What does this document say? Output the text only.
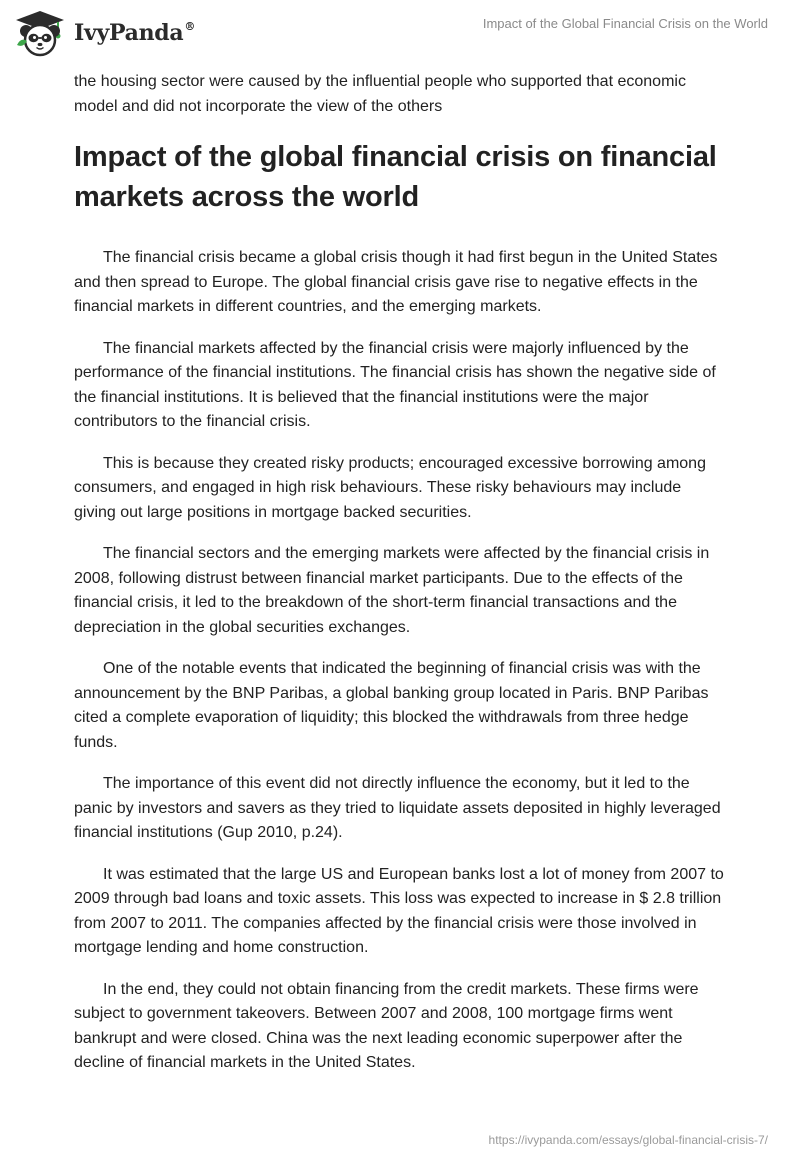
IvyPanda®	Impact of the Global Financial Crisis on the World

the housing sector were caused by the influential people who supported that economic model and did not incorporate the view of the others

Impact of the global financial crisis on financial markets across the world

The financial crisis became a global crisis though it had first begun in the United States and then spread to Europe. The global financial crisis gave rise to negative effects in the financial markets in different countries, and the emerging markets.

The financial markets affected by the financial crisis were majorly influenced by the performance of the financial institutions. The financial crisis has shown the negative side of the financial institutions. It is believed that the financial institutions were the major contributors to the financial crisis.

This is because they created risky products; encouraged excessive borrowing among consumers, and engaged in high risk behaviours. These risky behaviours may include giving out large positions in mortgage backed securities.

The financial sectors and the emerging markets were affected by the financial crisis in 2008, following distrust between financial market participants. Due to the effects of the financial crisis, it led to the breakdown of the short-term financial transactions and the depreciation in the global securities exchanges.

One of the notable events that indicated the beginning of financial crisis was with the announcement by the BNP Paribas, a global banking group located in Paris. BNP Paribas cited a complete evaporation of liquidity; this blocked the withdrawals from three hedge funds.

The importance of this event did not directly influence the economy, but it led to the panic by investors and savers as they tried to liquidate assets deposited in highly leveraged financial institutions (Gup 2010, p.24).

It was estimated that the large US and European banks lost a lot of money from 2007 to 2009 through bad loans and toxic assets. This loss was expected to increase in $ 2.8 trillion from 2007 to 2011. The companies affected by the financial crisis were those involved in mortgage lending and home construction.

In the end, they could not obtain financing from the credit markets. These firms were subject to government takeovers. Between 2007 and 2008, 100 mortgage firms went bankrupt and were closed. China was the next leading economic superpower after the decline of financial markets in the United States.

https://ivypanda.com/essays/global-financial-crisis-7/
